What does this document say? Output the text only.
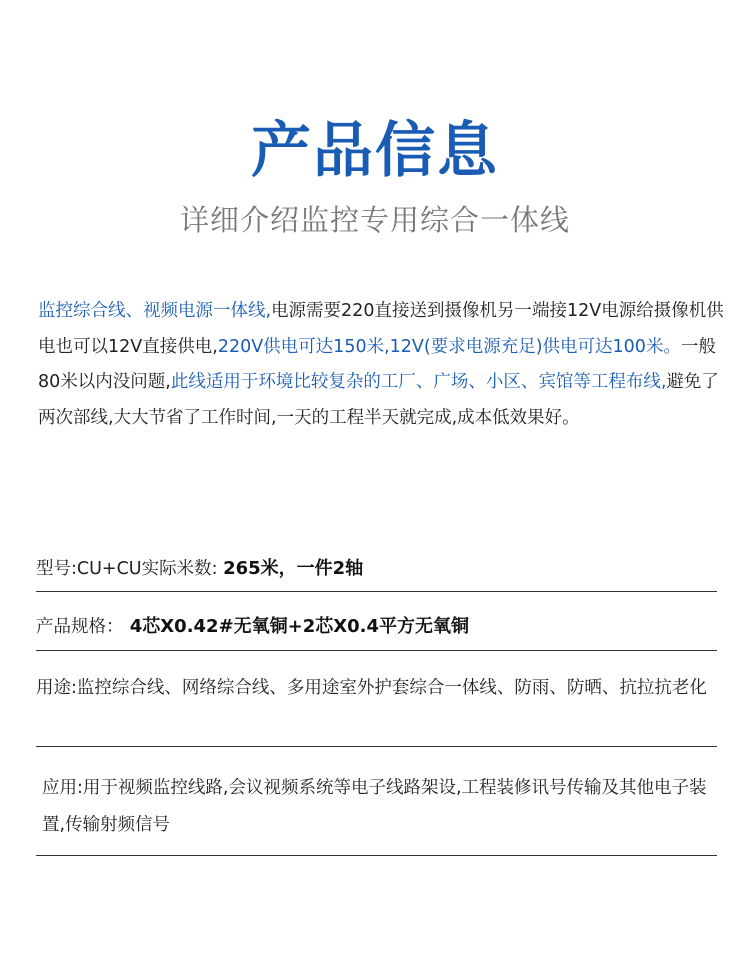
产品信息
详细介绍监控专用综合一体线
监控综合线、视频电源一体线,电源需要220直接送到摄像机另一端接12V电源给摄像机供电也可以12V直接供电,220V供电可达150米,12V(要求电源充足)供电可达100米。一般80米以内没问题,此线适用于环境比较复杂的工厂、广场、小区、宾馆等工程布线,避免了两次部线,大大节省了工作时间,一天的工程半天就完成,成本低效果好。
型号:CU+CU实际米数: 265米，一件2轴
产品规格： 4芯X0.42#无氧铜+2芯X0.4平方无氧铜
用途:监控综合线、网络综合线、多用途室外护套综合一体线、防雨、防晒、抗拉抗老化
应用:用于视频监控线路,会议视频系统等电子线路架设,工程装修讯号传输及其他电子装置,传输射频信号
